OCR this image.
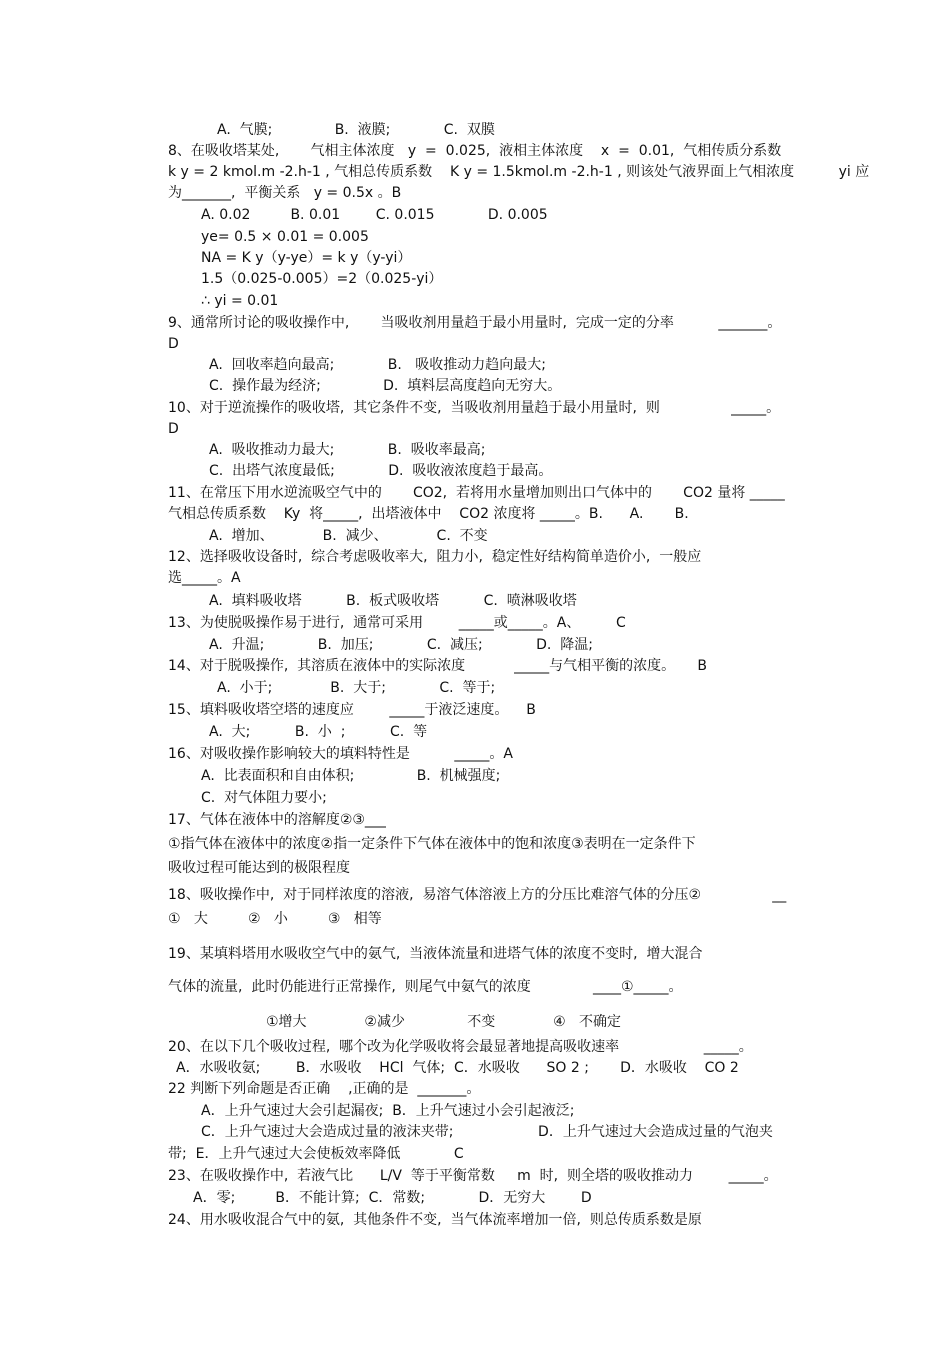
A.  气膜;              B.  液膜;            C.  双膜
8、在吸收塔某处,       气相主体浓度   y  =  0.025,  液相主体浓度    x  =  0.01,  气相传质分系数
k y = 2 kmol.m -2.h-1 , 气相总传质系数    K y = 1.5kmol.m -2.h-1 , 则该处气液界面上气相浓度          yi 应
为_______,  平衡关系   y = 0.5x 。B
A. 0.02         B. 0.01        C. 0.015            D. 0.005
ye= 0.5 × 0.01 = 0.005
NA = K y（y-ye）= k y（y-yi）
1.5（0.025-0.005）=2（0.025-yi）
∴ yi = 0.01
9、通常所讨论的吸收操作中,       当吸收剂用量趋于最小用量时,  完成一定的分率          _______。
D
A.  回收率趋向最高;            B.   吸收推动力趋向最大;
C.  操作最为经济;              D.  填料层高度趋向无穷大。
10、对于逆流操作的吸收塔,  其它条件不变,  当吸收剂用量趋于最小用量时,  则                _____。
D
A.  吸收推动力最大;            B.  吸收率最高;
C.  出塔气浓度最低;            D.  吸收液浓度趋于最高。
11、在常压下用水逆流吸空气中的       CO2,  若将用水量增加则出口气体中的       CO2 量将 _____
气相总传质系数    Ky  将_____,  出塔液体中    CO2 浓度将 _____。B.      A.       B.
A.  增加、           B.  减少、           C.  不变
12、选择吸收设备时,  综合考虑吸收率大,  阻力小,  稳定性好结构简单造价小,  一般应
选_____。A
A.  填料吸收塔          B.  板式吸收塔          C.  喷淋吸收塔
13、为使脱吸操作易于进行,  通常可采用        _____或_____。A、        C
A.  升温;            B.  加压;            C.  减压;            D.  降温;
14、对于脱吸操作,  其溶质在液体中的实际浓度           _____与气相平衡的浓度。     B
A.  小于;             B.  大于;            C.  等于;
15、填料吸收塔空塔的速度应        _____于液泛速度。    B
A.  大;          B.  小  ;          C.  等
16、对吸收操作影响较大的填料特性是          _____。A
A.  比表面积和自由体积;              B.  机械强度;
C.  对气体阻力要小;
17、气体在液体中的溶解度②③___
①指气体在液体中的浓度②指一定条件下气体在液体中的饱和浓度③表明在一定条件下
吸收过程可能达到的极限程度
18、吸收操作中,  对于同样浓度的溶液,  易溶气体溶液上方的分压比难溶气体的分压②                __
①   大         ②   小         ③   相等
19、某填料塔用水吸收空气中的氨气,  当液体流量和进塔气体的浓度不变时,  增大混合
气体的流量,  此时仍能进行正常操作,  则尾气中氨气的浓度              ____①_____。
①增大             ②减少              不变             ④   不确定
20、在以下几个吸收过程,  哪个改为化学吸收将会最显著地提高吸收速率                   _____。
A．水吸收氨;        B．水吸收    HCl  气体;  C．水吸收      SO 2 ;       D．水吸收    CO 2
22 判断下列命题是否正确    ,正确的是  _______。
A．上升气速过大会引起漏夜;  B．上升气速过小会引起液泛;
C．上升气速过大会造成过量的液沫夹带;                   D．上升气速过大会造成过量的气泡夹
带;  E．上升气速过大会使板效率降低            C
23、在吸收操作中,  若液气比      L/V  等于平衡常数     m  时,  则全塔的吸收推动力        _____。
A．零;         B．不能计算;  C．常数;            D．无穷大        D
24、用水吸收混合气中的氨,  其他条件不变,  当气体流率增加一倍,  则总传质系数是原
